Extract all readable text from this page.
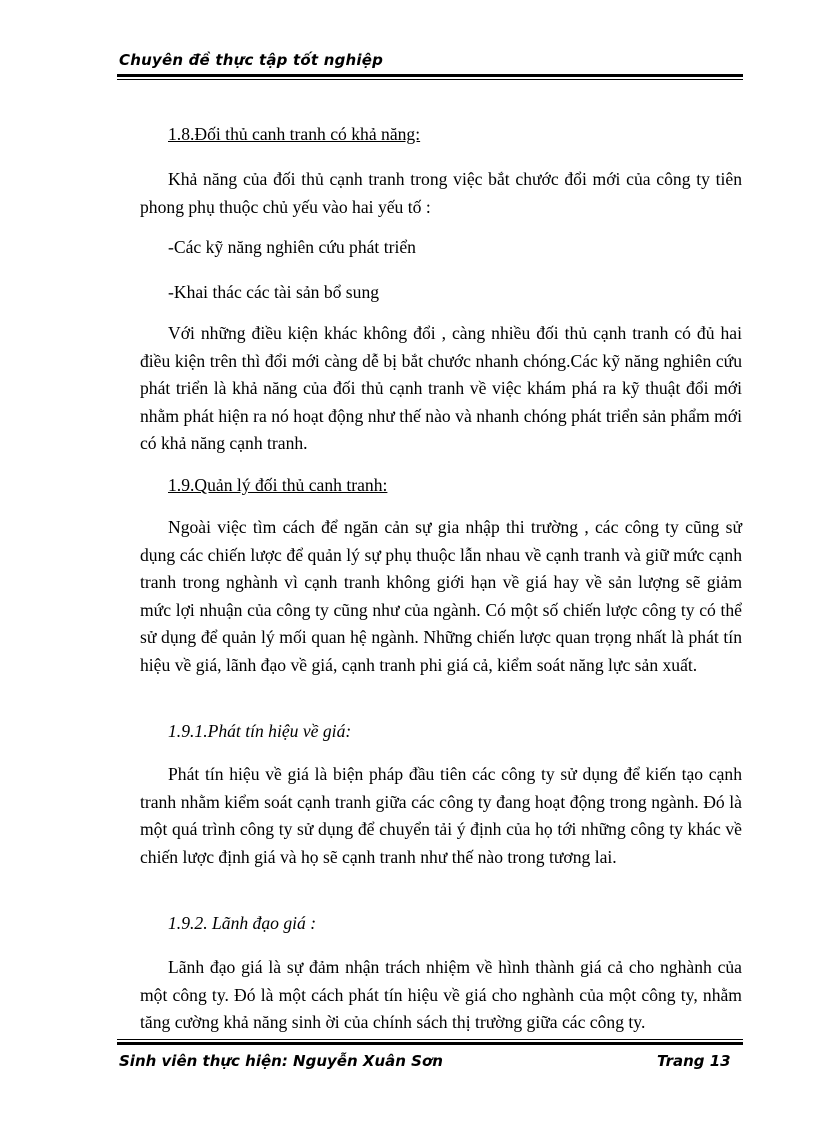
Chuyên đề thực tập tốt nghiệp
1.8.Đối thủ canh tranh có khả năng:
Khả năng của đối thủ cạnh tranh trong việc bắt chước đổi mới của công ty tiên phong phụ thuộc chủ yếu vào hai yếu tố :
-Các kỹ năng nghiên cứu phát triển
-Khai thác các tài sản bổ sung
Với những điều kiện khác không đổi , càng nhiều đối thủ cạnh tranh có đủ hai điều kiện trên thì đổi mới càng dễ bị bắt chước nhanh chóng.Các kỹ năng nghiên cứu phát triển là khả năng của đối thủ cạnh tranh về việc khám phá ra kỹ thuật đổi mới nhằm phát hiện ra nó hoạt động như thế nào và nhanh chóng phát triển sản phẩm mới có khả năng cạnh tranh.
1.9.Quản lý đối thủ canh tranh:
Ngoài việc tìm cách để ngăn cản sự gia nhập thi trường , các công ty cũng sử dụng các chiến lược để quản lý sự phụ thuộc lẫn nhau về cạnh tranh và giữ mức cạnh tranh trong nghành vì cạnh tranh không giới hạn về giá hay về sản lượng sẽ giảm mức lợi nhuận của công ty cũng như của ngành. Có một số chiến lược công ty có thể sử dụng để quản lý mối quan hệ ngành. Những chiến lược quan trọng nhất là phát tín hiệu về giá, lãnh đạo về giá, cạnh tranh phi giá cả, kiểm soát năng lực sản xuất.
1.9.1.Phát tín hiệu về giá:
Phát tín hiệu về giá là biện pháp đầu tiên các công ty sử dụng để kiến tạo cạnh tranh nhằm kiểm soát cạnh tranh giữa các công ty đang hoạt động trong ngành. Đó là một quá trình công ty sử dụng để chuyển tải ý định của họ tới những công ty khác về chiến lược định giá và họ sẽ cạnh tranh như thế nào trong tương lai.
1.9.2. Lãnh đạo giá :
Lãnh đạo giá là sự đảm nhận trách nhiệm về hình thành giá cả cho nghành của một công ty. Đó là một cách phát tín hiệu về giá cho nghành của một công ty, nhằm tăng cường khả năng sinh ời của chính sách thị trường giữa các công ty.
Sinh viên thực hiện: Nguyễn Xuân Sơn	Trang 13
